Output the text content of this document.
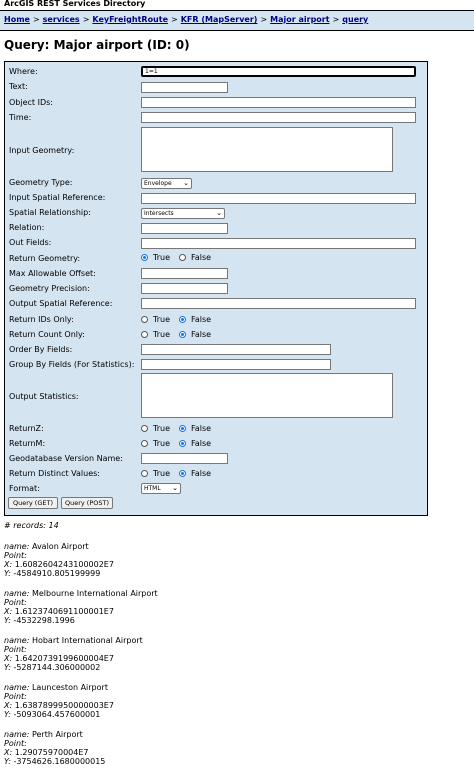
ArcGIS REST Services Directory
Home > services > KeyFreightRoute > KFR (MapServer) > Major airport > query
Query: Major airport (ID: 0)
Where:	1=1
Text:
Object IDs:
Time:
Input Geometry:
Geometry Type:	Envelope ⌄
Input Spatial Reference:
Spatial Relationship:	Intersects	⌄
Relation:
Out Fields:
Return Geometry:	True	False
Max Allowable Offset:
Geometry Precision:
Output Spatial Reference:
Return IDs Only:	True	False
Return Count Only:	True	False
Order By Fields:
Group By Fields (For Statistics):
Output Statistics:
ReturnZ:	True	False
ReturnM:	True	False
Geodatabase Version Name:
Return Distinct Values:	True	False
Format:	HTML ⌄
Query (GET)	Query (POST)
# records: 14
name: Avalon Airport
Point:
X: 1.6082604243100002E7
Y: -4584910.805199999
name: Melbourne International Airport
Point:
X: 1.6123740691100001E7
Y: -4532298.1996
name: Hobart International Airport
Point:
X: 1.6420739199600004E7
Y: -5287144.306000002
name: Launceston Airport
Point:
X: 1.6387899950000003E7
Y: -5093064.457600001
name: Perth Airport
Point:
X: 1.29075970004E7
Y: -3754626.1680000015
